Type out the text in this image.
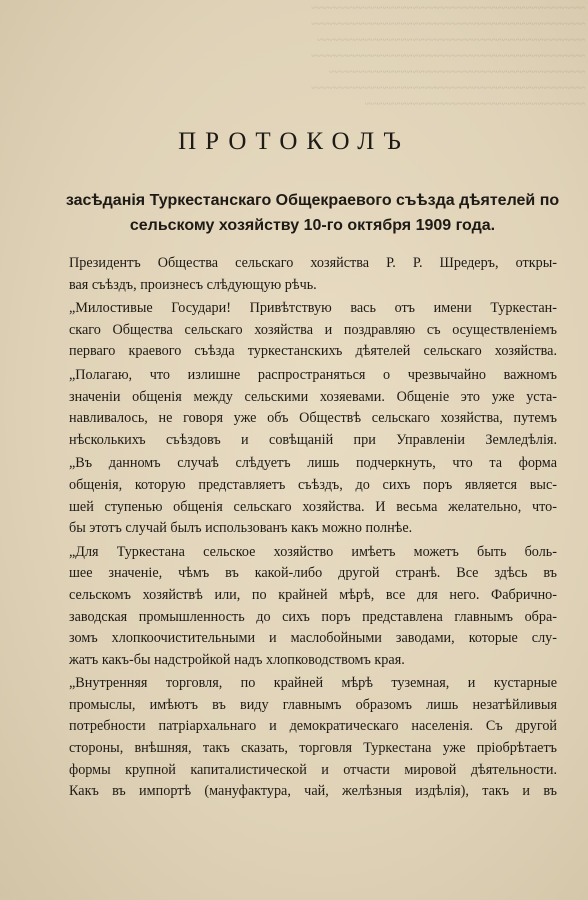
~~~~~~~~~~~~~~~~~~~~~~~~~~~~~~~~~~~~~~~~~~~~~~
~~~~~~~~~~~~~~~~~~~~~~~~~~~~~~~~~~~~~~~~~~~~~~
~~~~~~~~~~~~~~~~~~~~~~~~~~~~~~~~~~~~~~~~~~~~~
~~~~~~~~~~~~~~~~~~~~~~~~~~~~~~~~~~~~~~~~~~~~~~
~~~~~~~~~~~~~~~~~~~~~~~~~~~~~~~~~~~~~~~~~~~
~~~~~~~~~~~~~~~~~~~~~~~~~~~~~~~~~~~~~~~~~~~~~~
~~~~~~~~~~~~~~~~~~~~~~~~~~~~~~~~~~~~~
ПРОТОКОЛЪ
засѣданія Туркестанскаго Общекраевого съѣзда дѣятелей по
сельскому хозяйству 10-го октября 1909 года.
Президентъ Общества сельскаго хозяйства Р. Р. Шредеръ, откры-
вая съѣздъ, произнесъ слѣдующую рѣчь.
„Милостивые Государи! Привѣтствую вась отъ имени Туркестан-
скаго Общества сельскаго хозяйства и поздравляю съ осуществленіемъ
перваго краевого съѣзда туркестанскихъ дѣятелей сельскаго хозяйства.
„Полагаю, что излишне распространяться о чрезвычайно важномъ
значеніи общенія между сельскими хозяевами. Общеніе это уже уста-
навливалось, не говоря уже объ Обществѣ сельскаго хозяйства, путемъ
нѣсколькихъ съѣздовъ и совѣщаній при Управленіи Земледѣлія.
„Въ данномъ случаѣ слѣдуетъ лишь подчеркнуть, что та форма
общенія, которую представляетъ съѣздъ, до сихъ поръ является выс-
шей ступенью общенія сельскаго хозяйства. И весьма желательно, что-
бы этотъ случай былъ использованъ какъ можно полнѣе.
„Для Туркестана сельское хозяйство имѣетъ можетъ быть боль-
шее значеніе, чѣмъ въ какой-либо другой странѣ. Все здѣсь въ
сельскомъ хозяйствѣ или, по крайней мѣрѣ, все для него. Фабрично-
заводская промышленность до сихъ поръ представлена главнымъ обра-
зомъ хлопкоочистительными и маслобойными заводами, которые слу-
жатъ какъ-бы надстройкой надъ хлопководствомъ края.
„Внутренняя торговля, по крайней мѣрѣ туземная, и кустарные
промыслы, имѣютъ въ виду главнымъ образомъ лишь незатѣйливыя
потребности патріархальнаго и демократическаго населенія. Съ другой
стороны, внѣшняя, такъ сказать, торговля Туркестана уже пріобрѣтаетъ
формы крупной капиталистической и отчасти мировой дѣятельности.
Какъ въ импортѣ (мануфактура, чай, желѣзныя издѣлія), такъ и въ
